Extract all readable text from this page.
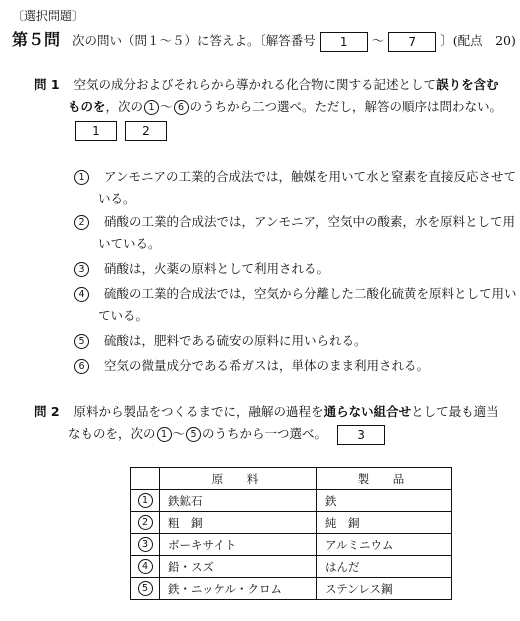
〔選択問題〕
第５問 次の問い（問１～５）に答えよ。〔解答番号 1 ～ 7 〕(配点　20)
問 1 空気の成分およびそれらから導かれる化合物に関する記述として誤りを含む
ものを，次の 1 ～ 6 のうちから二つ選べ。ただし，解答の順序は問わない。
1	2
1 アンモニアの工業的合成法では，触媒を用いて水と窒素を直接反応させて
いる。
2 硝酸の工業的合成法では，アンモニア，空気中の酸素，水を原料として用
いている。
3 硝酸は，火薬の原料として利用される。
4 硫酸の工業的合成法では，空気から分離した二酸化硫黄を原料として用い
ている。
5 硫酸は，肥料である硫安の原料に用いられる。
6 空気の微量成分である希ガスは，単体のまま利用される。
問 2 原料から製品をつくるまでに，融解の過程を通らない組合せとして最も適当
なものを，次の 1 ～ 5 のうちから一つ選べ。	3
	原　料	製　品
1	鉄鉱石	鉄
2	粗　銅	純　銅
3	ボーキサイト	アルミニウム
4	鉛・スズ	はんだ
5	鉄・ニッケル・クロム	ステンレス鋼
